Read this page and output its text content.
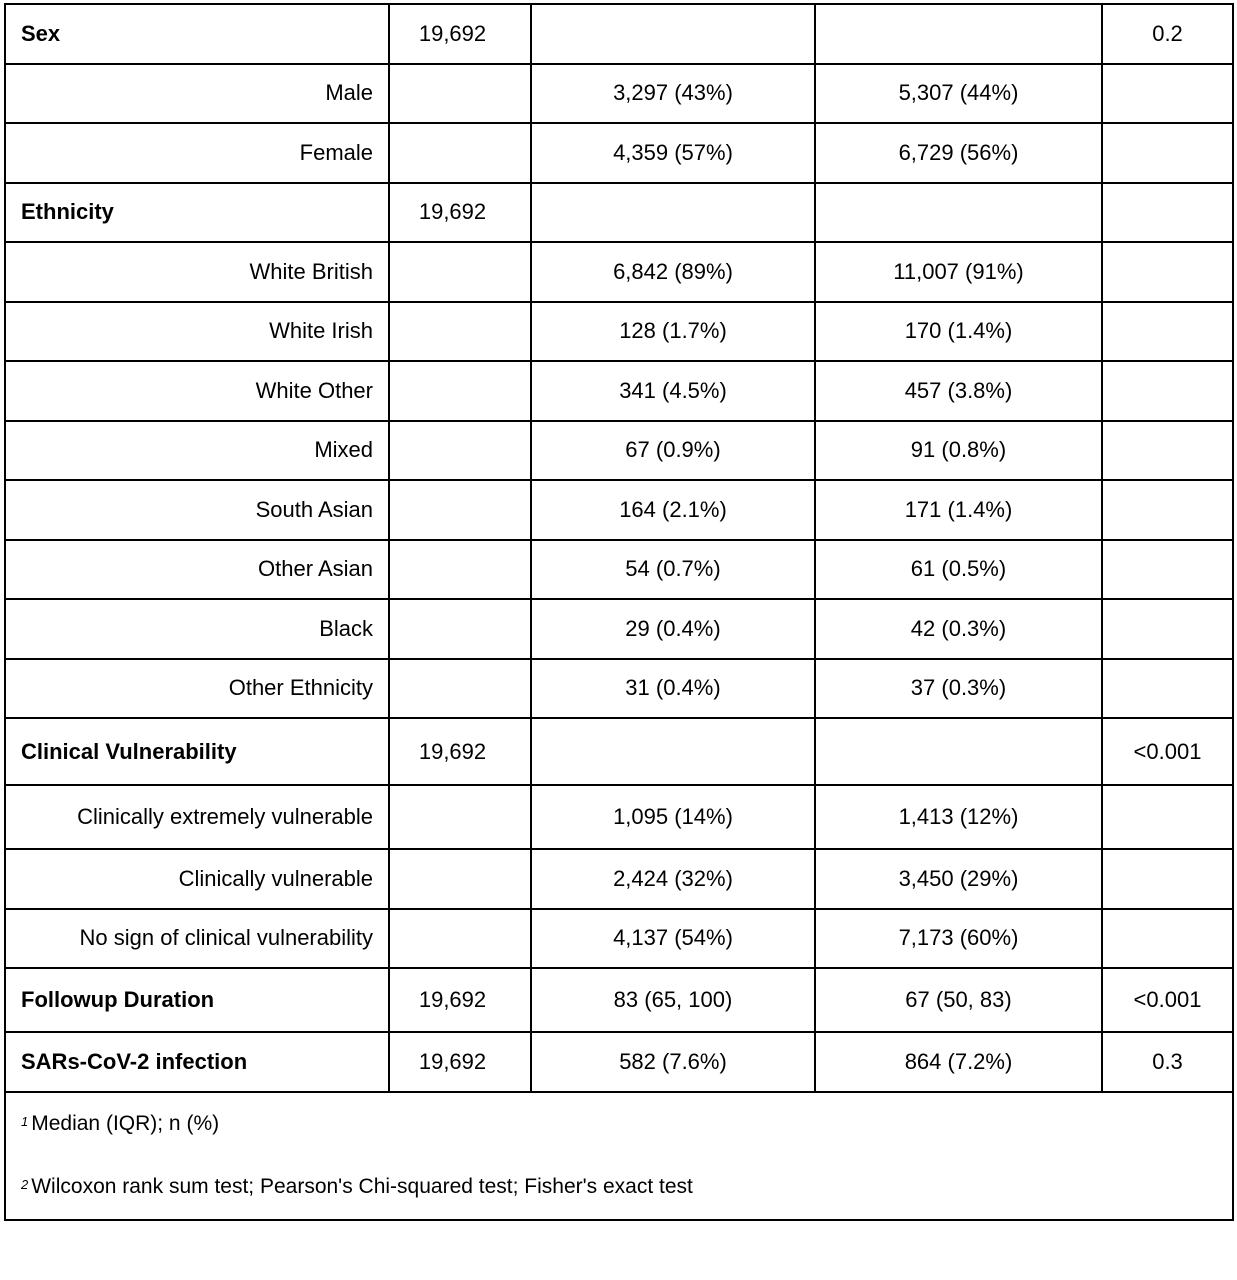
Sex	19,692			0.2
Male		3,297 (43%)	5,307 (44%)	
Female		4,359 (57%)	6,729 (56%)	
Ethnicity	19,692			
White British		6,842 (89%)	11,007 (91%)	
White Irish		128 (1.7%)	170 (1.4%)	
White Other		341 (4.5%)	457 (3.8%)	
Mixed		67 (0.9%)	91 (0.8%)	
South Asian		164 (2.1%)	171 (1.4%)	
Other Asian		54 (0.7%)	61 (0.5%)	
Black		29 (0.4%)	42 (0.3%)	
Other Ethnicity		31 (0.4%)	37 (0.3%)	
Clinical Vulnerability	19,692			<0.001
Clinically extremely vulnerable		1,095 (14%)	1,413 (12%)	
Clinically vulnerable		2,424 (32%)	3,450 (29%)	
No sign of clinical vulnerability		4,137 (54%)	7,173 (60%)	
Followup Duration	19,692	83 (65, 100)	67 (50, 83)	<0.001
SARs-CoV-2 infection	19,692	582 (7.6%)	864 (7.2%)	0.3

$^1$ Median (IQR); n (%)
$^2$ Wilcoxon rank sum test; Pearson's Chi-squared test; Fisher's exact test				
